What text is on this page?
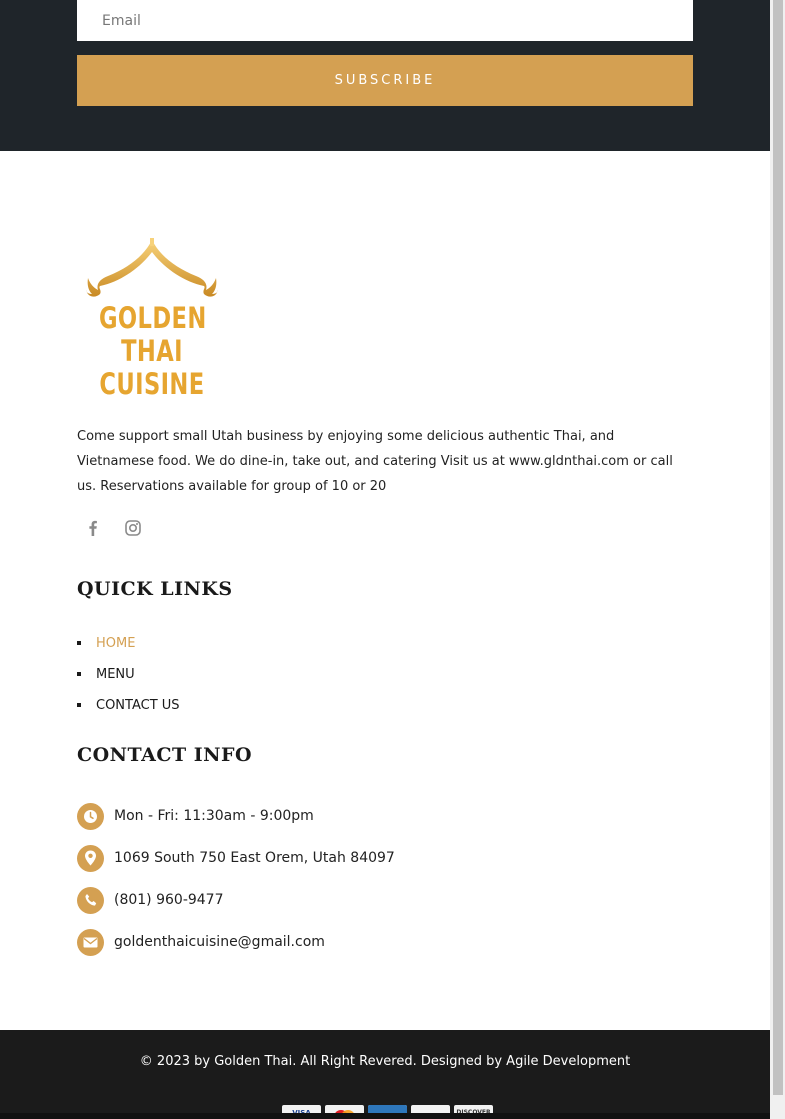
Email
SUBSCRIBE
GOLDEN
THAI
CUISINE

Come support small Utah business by enjoying some delicious authentic Thai, and Vietnamese food. We do dine-in, take out, and catering Visit us at www.gldnthai.com or call us. Reservations available for group of 10 or 20

QUICK LINKS
HOME
MENU
CONTACT US
CONTACT INFO
Mon - Fri: 11:30am - 9:00pm
1069 South 750 East Orem, Utah 84097
(801) 960-9477
goldenthaicuisine@gmail.com
© 2023 by Golden Thai. All Right Revered. Designed by Agile Development
